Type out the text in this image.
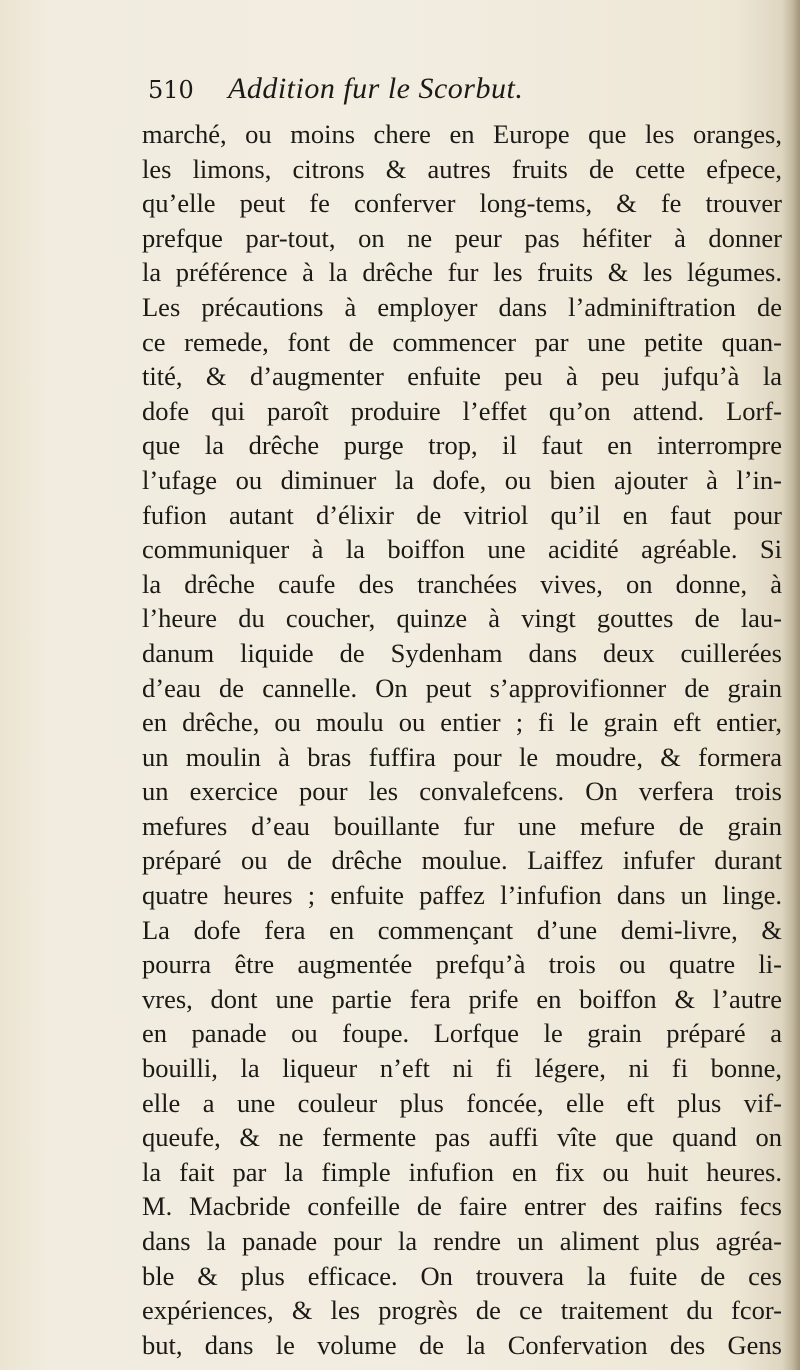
510 Addition fur le Scorbut.
marché, ou moins chere en Europe que les oranges,
les limons, citrons & autres fruits de cette efpece,
qu’elle peut fe conferver long-tems, & fe trouver
prefque par-tout, on ne peur pas héfiter à donner
la préférence à la drêche fur les fruits & les légumes.
Les précautions à employer dans l’adminiftration de
ce remede, font de commencer par une petite quan-
tité, & d’augmenter enfuite peu à peu jufqu’à la
dofe qui paroît produire l’effet qu’on attend. Lorf-
que la drêche purge trop, il faut en interrompre
l’ufage ou diminuer la dofe, ou bien ajouter à l’in-
fufion autant d’élixir de vitriol qu’il en faut pour
communiquer à la boiffon une acidité agréable. Si
la drêche caufe des tranchées vives, on donne, à
l’heure du coucher, quinze à vingt gouttes de lau-
danum liquide de Sydenham dans deux cuillerées
d’eau de cannelle. On peut s’approvifionner de grain
en drêche, ou moulu ou entier ; fi le grain eft entier,
un moulin à bras fuffira pour le moudre, & formera
un exercice pour les convalefcens. On verfera trois
mefures d’eau bouillante fur une mefure de grain
préparé ou de drêche moulue. Laiffez infufer durant
quatre heures ; enfuite paffez l’infufion dans un linge.
La dofe fera en commençant d’une demi-livre, &
pourra être augmentée prefqu’à trois ou quatre li-
vres, dont une partie fera prife en boiffon & l’autre
en panade ou foupe. Lorfque le grain préparé a
bouilli, la liqueur n’eft ni fi légere, ni fi bonne,
elle a une couleur plus foncée, elle eft plus vif-
queufe, & ne fermente pas auffi vîte que quand on
la fait par la fimple infufion en fix ou huit heures.
M. Macbride confeille de faire entrer des raifins fecs
dans la panade pour la rendre un aliment plus agréa-
ble & plus efficace. On trouvera la fuite de ces
expériences, & les progrès de ce traitement du fcor-
but, dans le volume de la Confervation des Gens
